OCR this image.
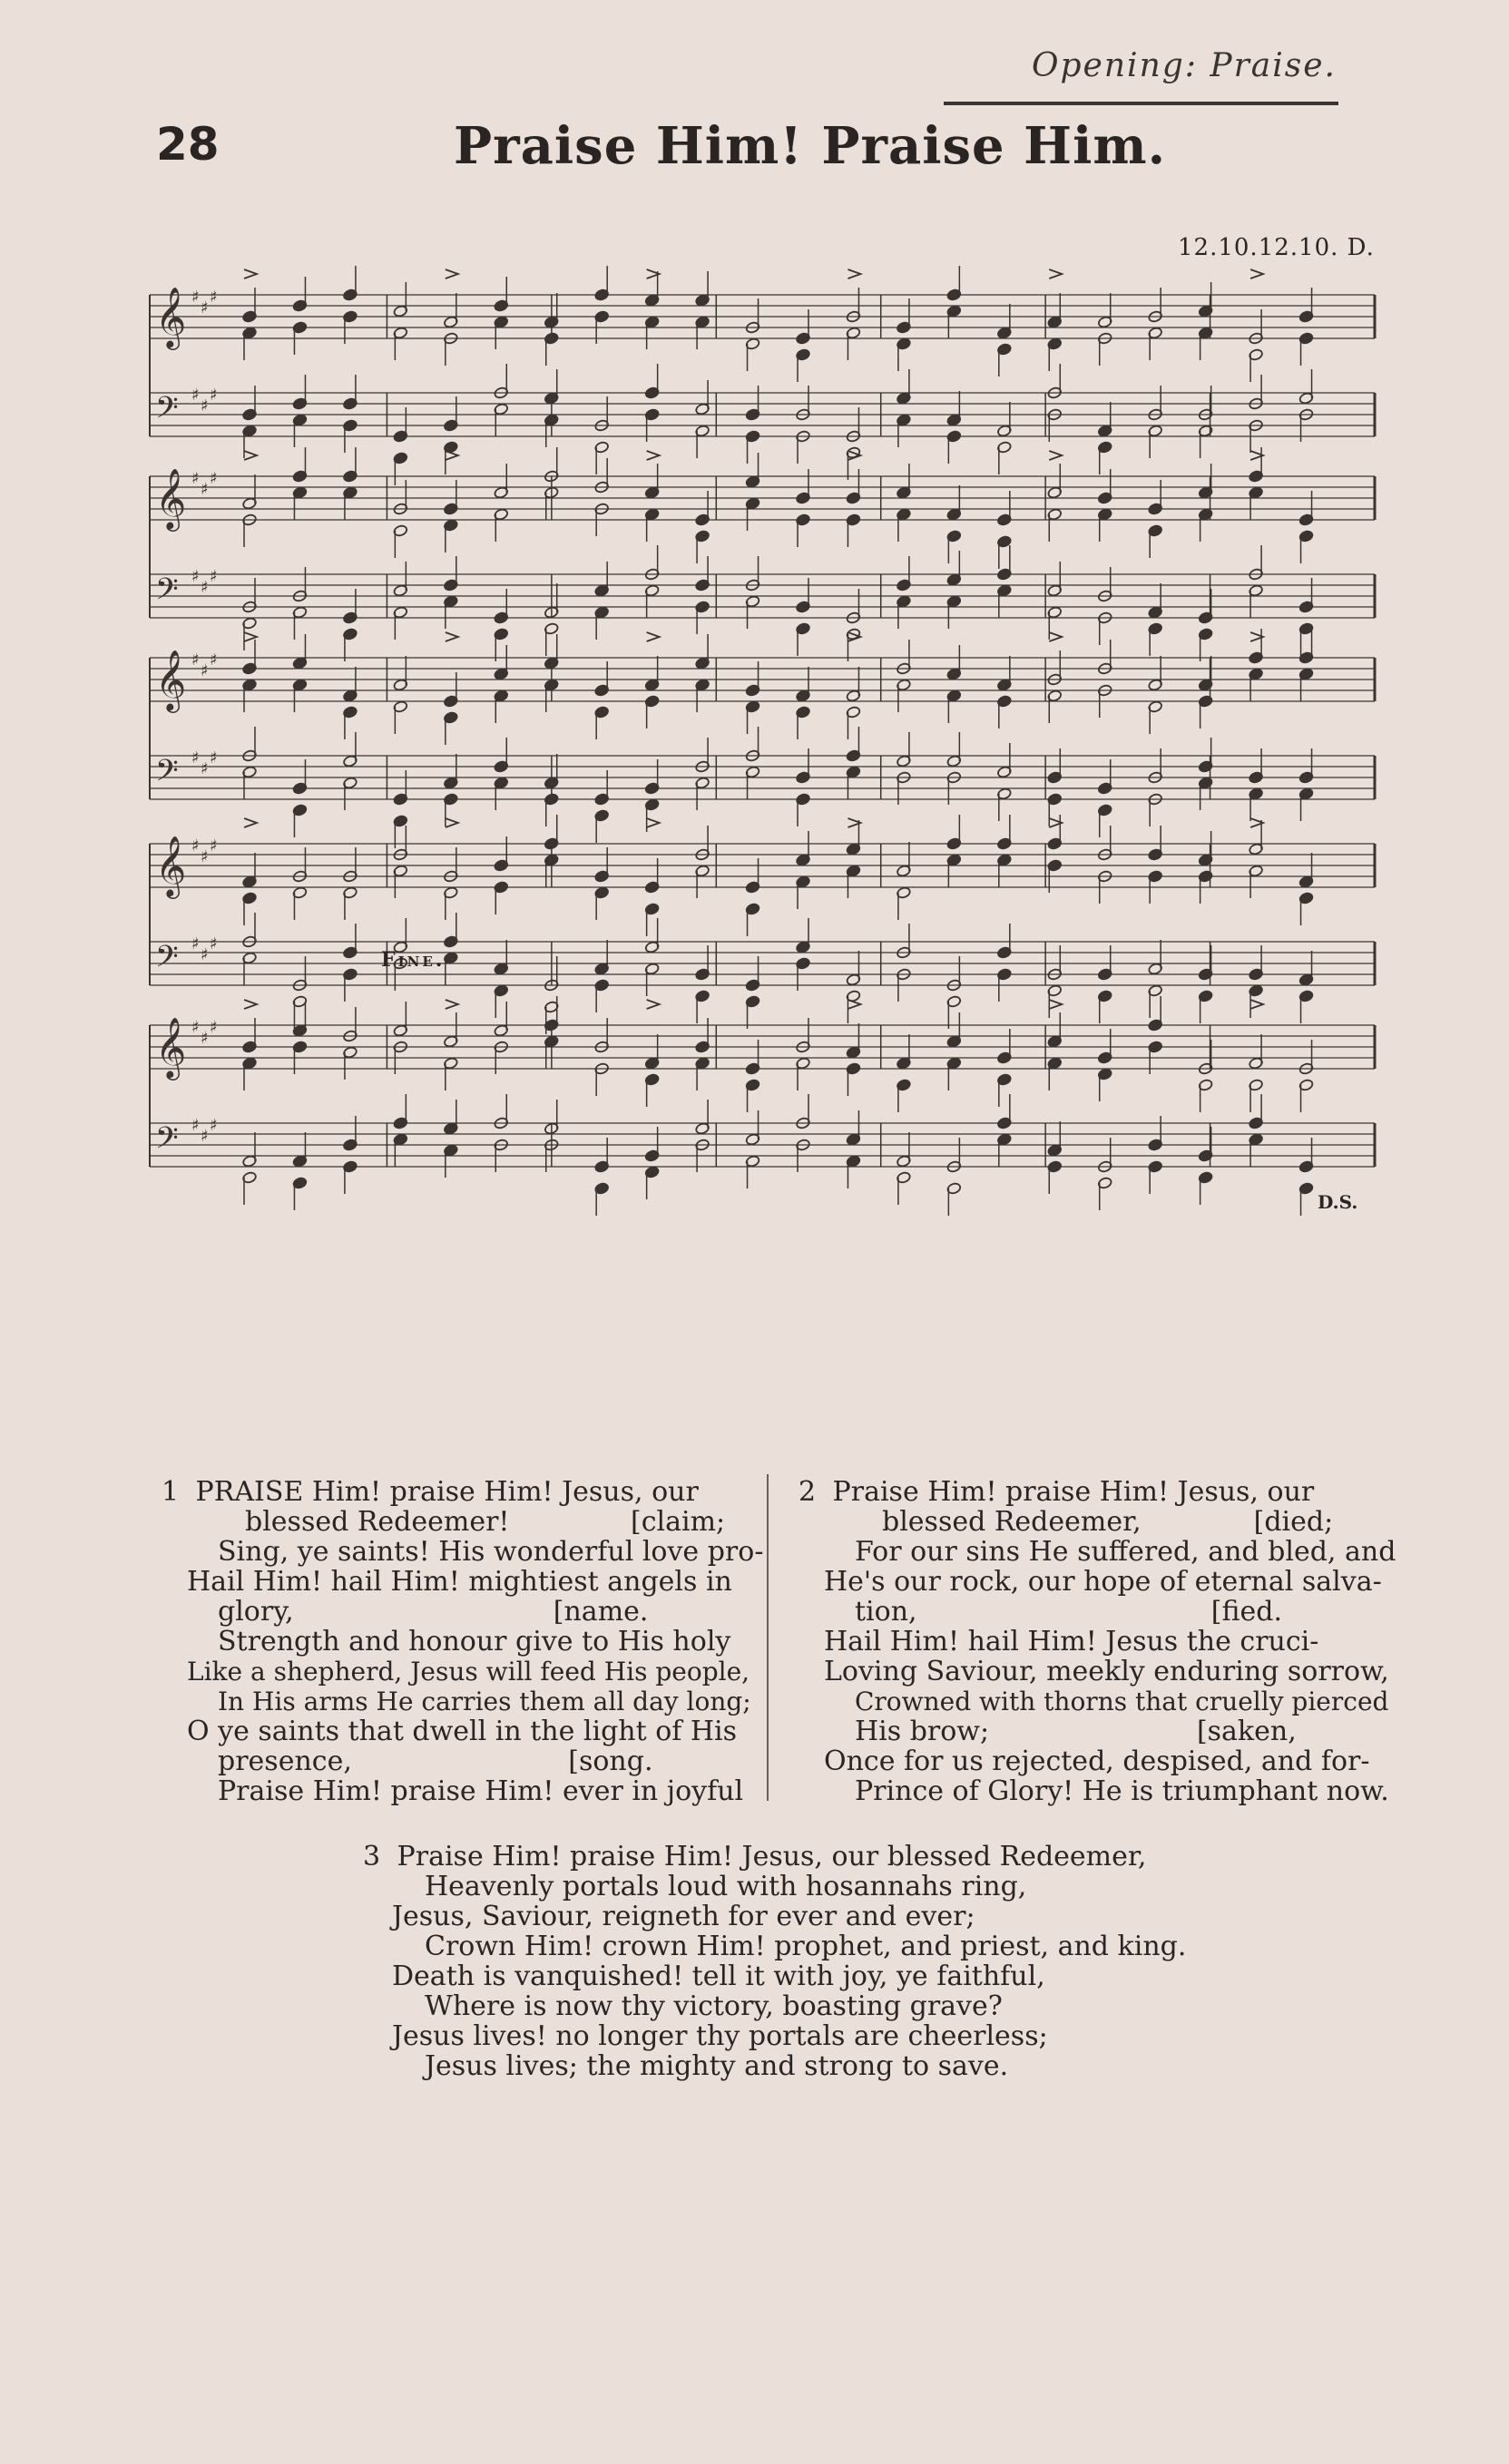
Opening: Praise.
28	Praise Him! Praise Him.
12.10.12.10. D.
𝄞 ♯
♯
♯
𝄢 ♯
♯
♯
𝄞 ♯
♯
♯
𝄢 ♯
♯
♯
𝄞 ♯
♯
♯
𝄢 ♯
♯
♯
𝄞 ♯
♯
♯
𝄢 ♯
♯
♯
𝄞 ♯
♯
♯
𝄢 ♯
♯
♯
Fine.
D.S.
1 PRAISE Him! praise Him! Jesus, our
blessed Redeemer!              [claim;
Sing, ye saints! His wonderful love pro-
Hail Him! hail Him! mightiest angels in
glory,                              [name.
Strength and honour give to His holy
Like a shepherd, Jesus will feed His people,
In His arms He carries them all day long;
O ye saints that dwell in the light of His
presence,                         [song.
Praise Him! praise Him! ever in joyful
2 Praise Him! praise Him! Jesus, our
blessed Redeemer,             [died;
For our sins He suffered, and bled, and
He's our rock, our hope of eternal salva-
tion,                                  [fied.
Hail Him! hail Him! Jesus the cruci-
Loving Saviour, meekly enduring sorrow,
Crowned with thorns that cruelly pierced
His brow;                        [saken,
Once for us rejected, despised, and for-
Prince of Glory! He is triumphant now.
3 Praise Him! praise Him! Jesus, our blessed Redeemer,
Heavenly portals loud with hosannahs ring,
Jesus, Saviour, reigneth for ever and ever;
Crown Him! crown Him! prophet, and priest, and king.
Death is vanquished! tell it with joy, ye faithful,
Where is now thy victory, boasting grave?
Jesus lives! no longer thy portals are cheerless;
Jesus lives; the mighty and strong to save.
